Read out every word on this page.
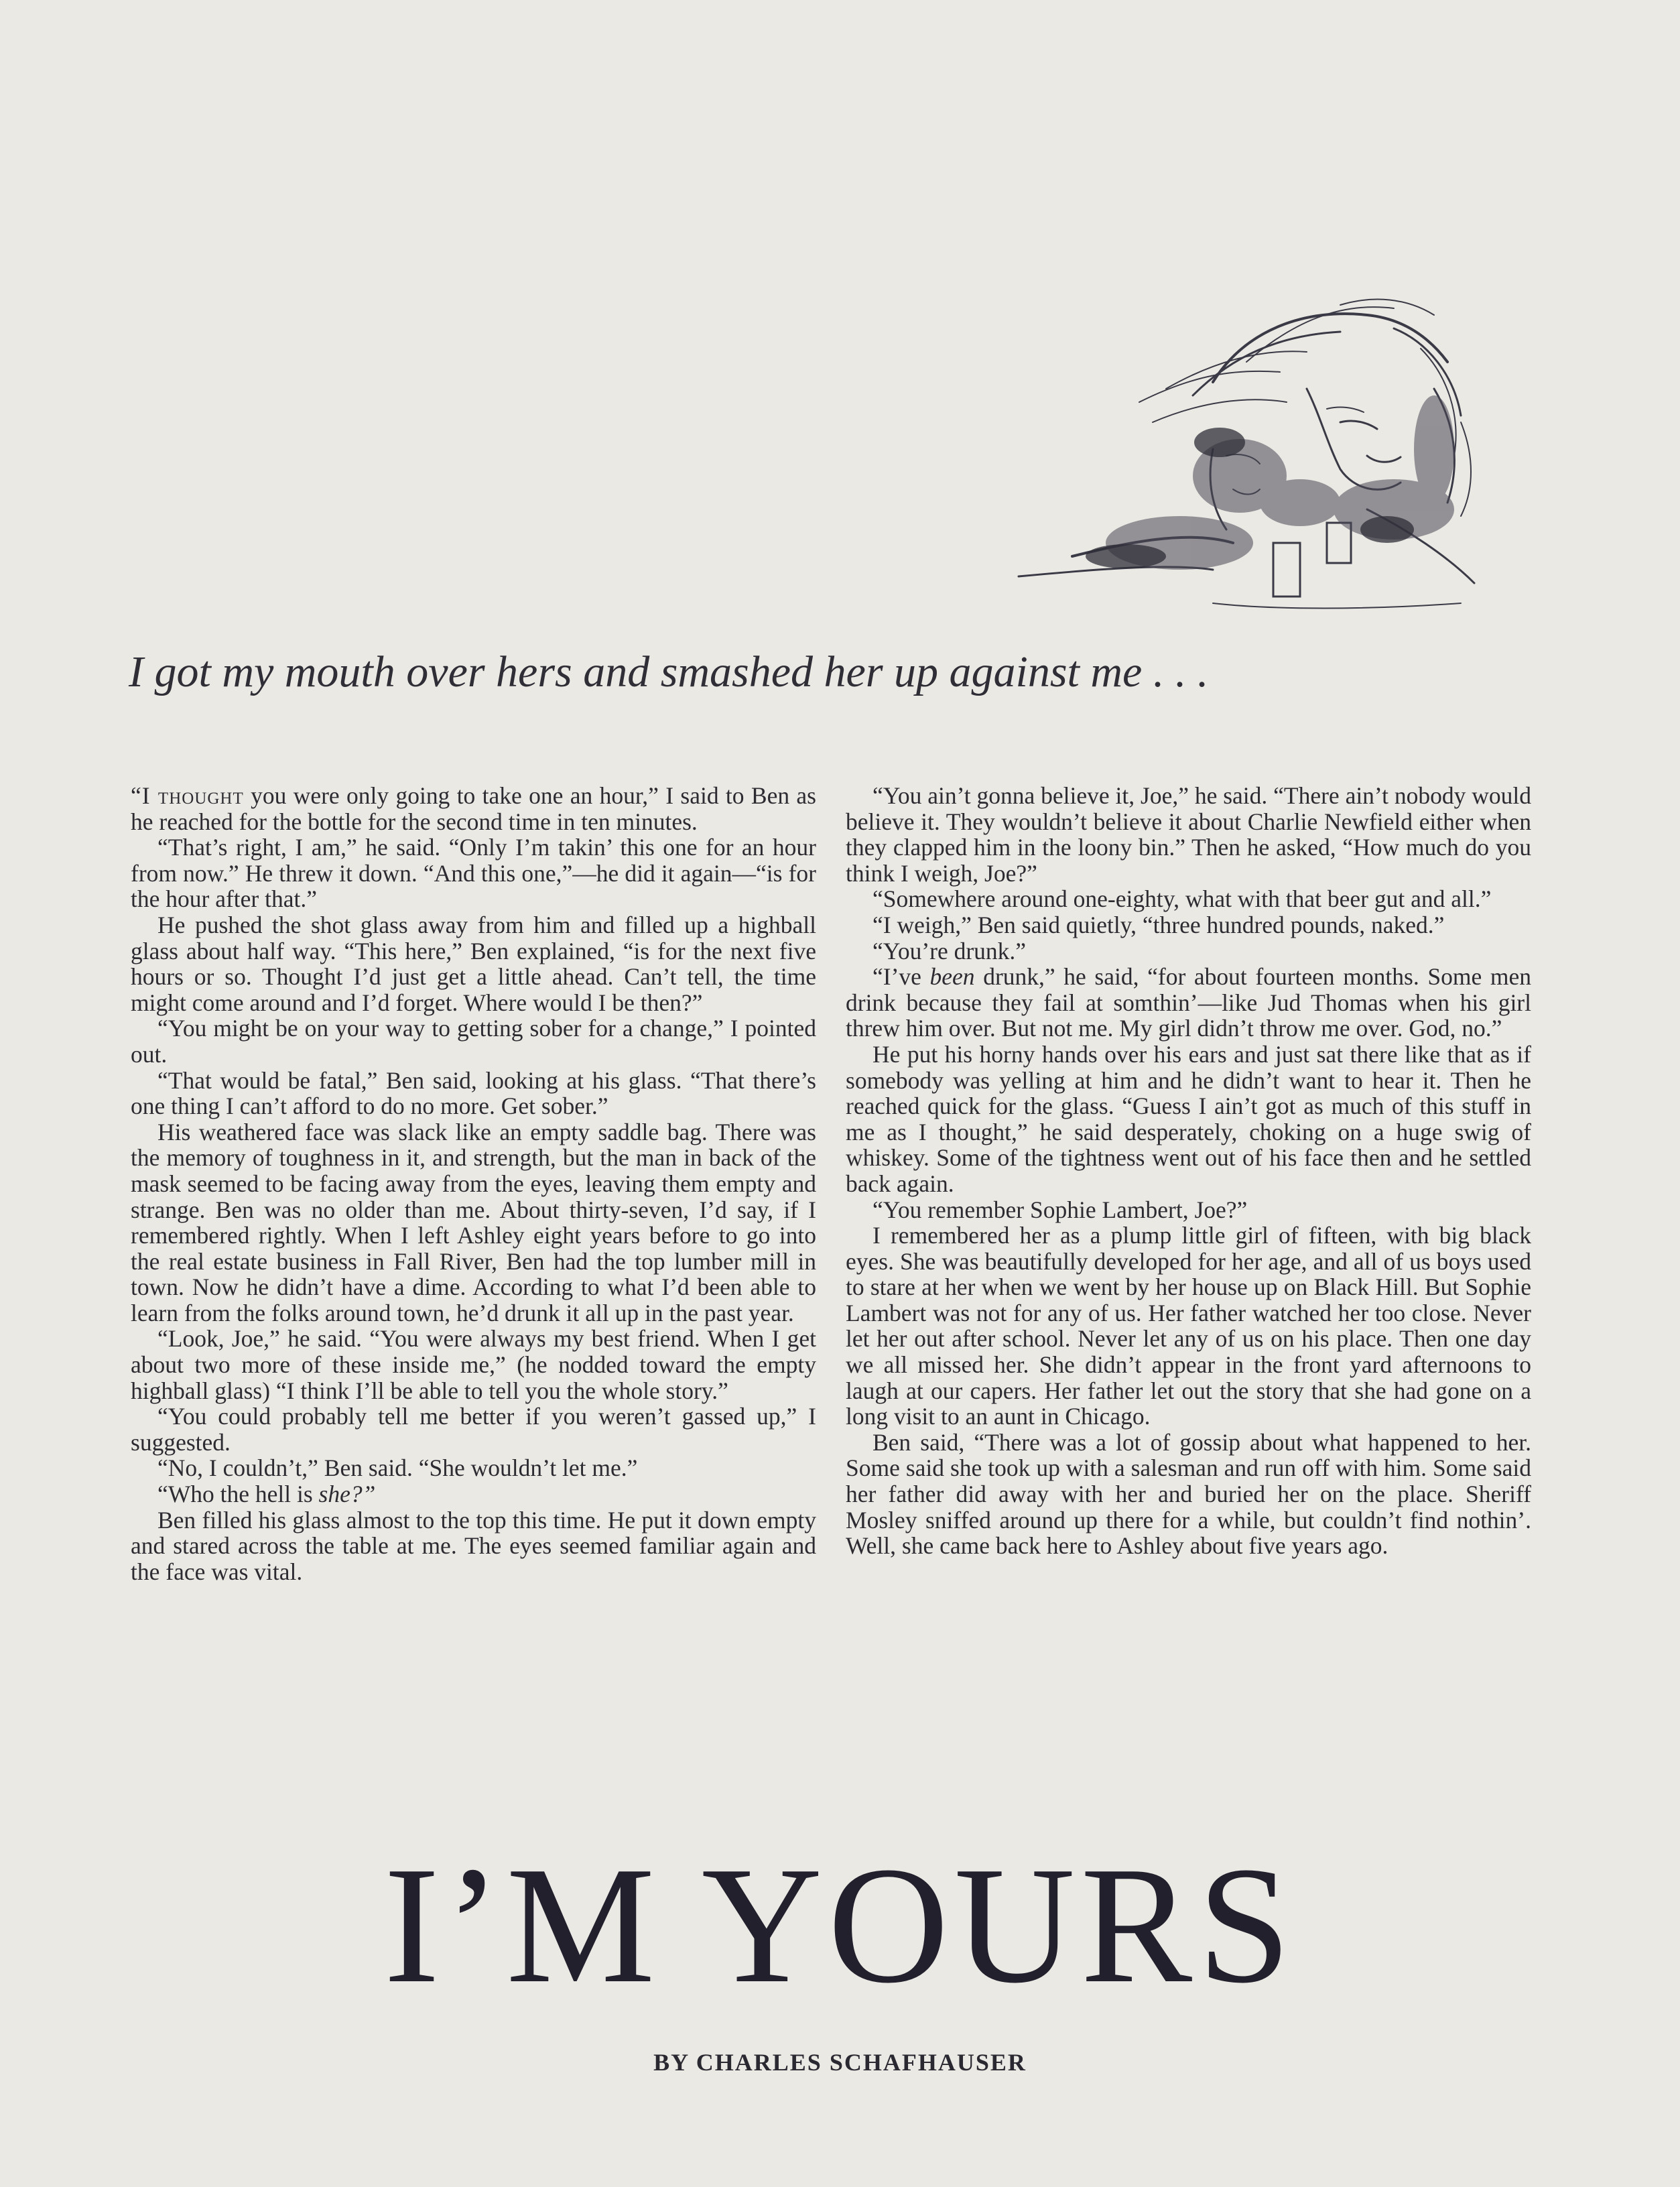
I got my mouth over hers and smashed her up against me . . .

“I thought you were only going to take one an hour,” I said to Ben as he reached for the bottle for the second time in ten minutes.

“That’s right, I am,” he said. “Only I’m takin’ this one for an hour from now.” He threw it down. “And this one,”—he did it again—“is for the hour after that.”

He pushed the shot glass away from him and filled up a highball glass about half way. “This here,” Ben explained, “is for the next five hours or so. Thought I’d just get a little ahead. Can’t tell, the time might come around and I’d forget. Where would I be then?”

“You might be on your way to getting sober for a change,” I pointed out.

“That would be fatal,” Ben said, looking at his glass. “That there’s one thing I can’t afford to do no more. Get sober.”

His weathered face was slack like an empty saddle bag. There was the memory of toughness in it, and strength, but the man in back of the mask seemed to be facing away from the eyes, leaving them empty and strange. Ben was no older than me. About thirty-seven, I’d say, if I remembered rightly. When I left Ashley eight years before to go into the real estate business in Fall River, Ben had the top lumber mill in town. Now he didn’t have a dime. According to what I’d been able to learn from the folks around town, he’d drunk it all up in the past year.

“Look, Joe,” he said. “You were always my best friend. When I get about two more of these inside me,” (he nodded toward the empty highball glass) “I think I’ll be able to tell you the whole story.”

“You could probably tell me better if you weren’t gassed up,” I suggested.

“No, I couldn’t,” Ben said. “She wouldn’t let me.”

“Who the hell is she?”

Ben filled his glass almost to the top this time. He put it down empty and stared across the table at me. The eyes seemed familiar again and the face was vital.

“You ain’t gonna believe it, Joe,” he said. “There ain’t nobody would believe it. They wouldn’t believe it about Charlie Newfield either when they clapped him in the loony bin.” Then he asked, “How much do you think I weigh, Joe?”

“Somewhere around one-eighty, what with that beer gut and all.”

“I weigh,” Ben said quietly, “three hundred pounds, naked.”

“You’re drunk.”

“I’ve been drunk,” he said, “for about fourteen months. Some men drink because they fail at somthin’—like Jud Thomas when his girl threw him over. But not me. My girl didn’t throw me over. God, no.”

He put his horny hands over his ears and just sat there like that as if somebody was yelling at him and he didn’t want to hear it. Then he reached quick for the glass. “Guess I ain’t got as much of this stuff in me as I thought,” he said desperately, choking on a huge swig of whiskey. Some of the tightness went out of his face then and he settled back again.

“You remember Sophie Lambert, Joe?”

I remembered her as a plump little girl of fifteen, with big black eyes. She was beautifully developed for her age, and all of us boys used to stare at her when we went by her house up on Black Hill. But Sophie Lambert was not for any of us. Her father watched her too close. Never let her out after school. Never let any of us on his place. Then one day we all missed her. She didn’t appear in the front yard afternoons to laugh at our capers. Her father let out the story that she had gone on a long visit to an aunt in Chicago.

Ben said, “There was a lot of gossip about what happened to her. Some said she took up with a salesman and run off with him. Some said her father did away with her and buried her on the place. Sheriff Mosley sniffed around up there for a while, but couldn’t find nothin’. Well, she came back here to Ashley about five years ago.

I’M YOURS
BY CHARLES SCHAFHAUSER
